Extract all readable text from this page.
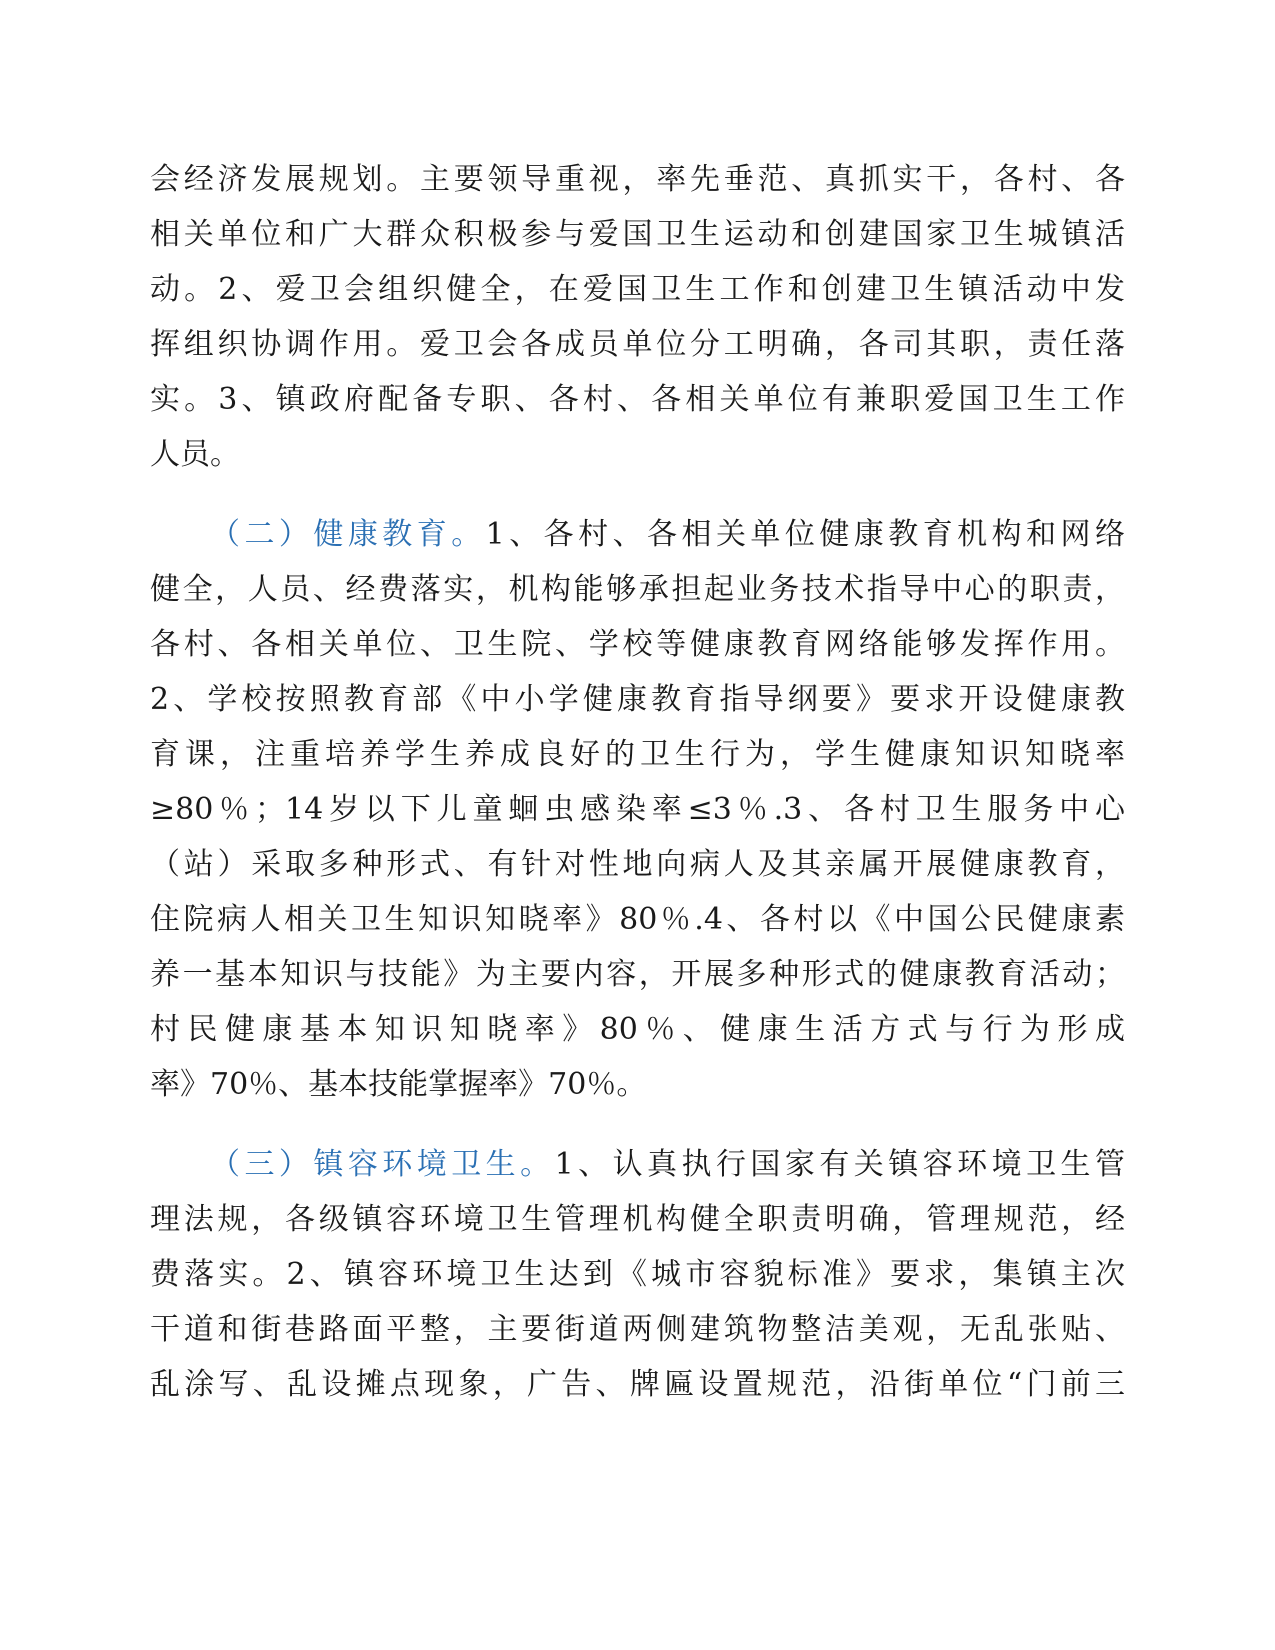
会经济发展规划。主要领导重视，率先垂范、真抓实干，各村、各
相关单位和广大群众积极参与爱国卫生运动和创建国家卫生城镇活
动。2、爱卫会组织健全，在爱国卫生工作和创建卫生镇活动中发
挥组织协调作用。爱卫会各成员单位分工明确，各司其职，责任落
实。3、镇政府配备专职、各村、各相关单位有兼职爱国卫生工作
人员。
（二）健康教育。1、各村、各相关单位健康教育机构和网络
健全，人员、经费落实，机构能够承担起业务技术指导中心的职责，
各村、各相关单位、卫生院、学校等健康教育网络能够发挥作用。
2、学校按照教育部《中小学健康教育指导纲要》要求开设健康教
育课，注重培养学生养成良好的卫生行为，学生健康知识知晓率
≥80％；14岁以下儿童蛔虫感染率≤3％.3、各村卫生服务中心
（站）采取多种形式、有针对性地向病人及其亲属开展健康教育，
住院病人相关卫生知识知晓率》80％.4、各村以《中国公民健康素
养一基本知识与技能》为主要内容，开展多种形式的健康教育活动；
村民健康基本知识知晓率》80％、健康生活方式与行为形成
率》70％、基本技能掌握率》70％。
（三）镇容环境卫生。1、认真执行国家有关镇容环境卫生管
理法规，各级镇容环境卫生管理机构健全职责明确，管理规范，经
费落实。2、镇容环境卫生达到《城市容貌标准》要求，集镇主次
干道和街巷路面平整，主要街道两侧建筑物整洁美观，无乱张贴、
乱涂写、乱设摊点现象，广告、牌匾设置规范，沿街单位“门前三
